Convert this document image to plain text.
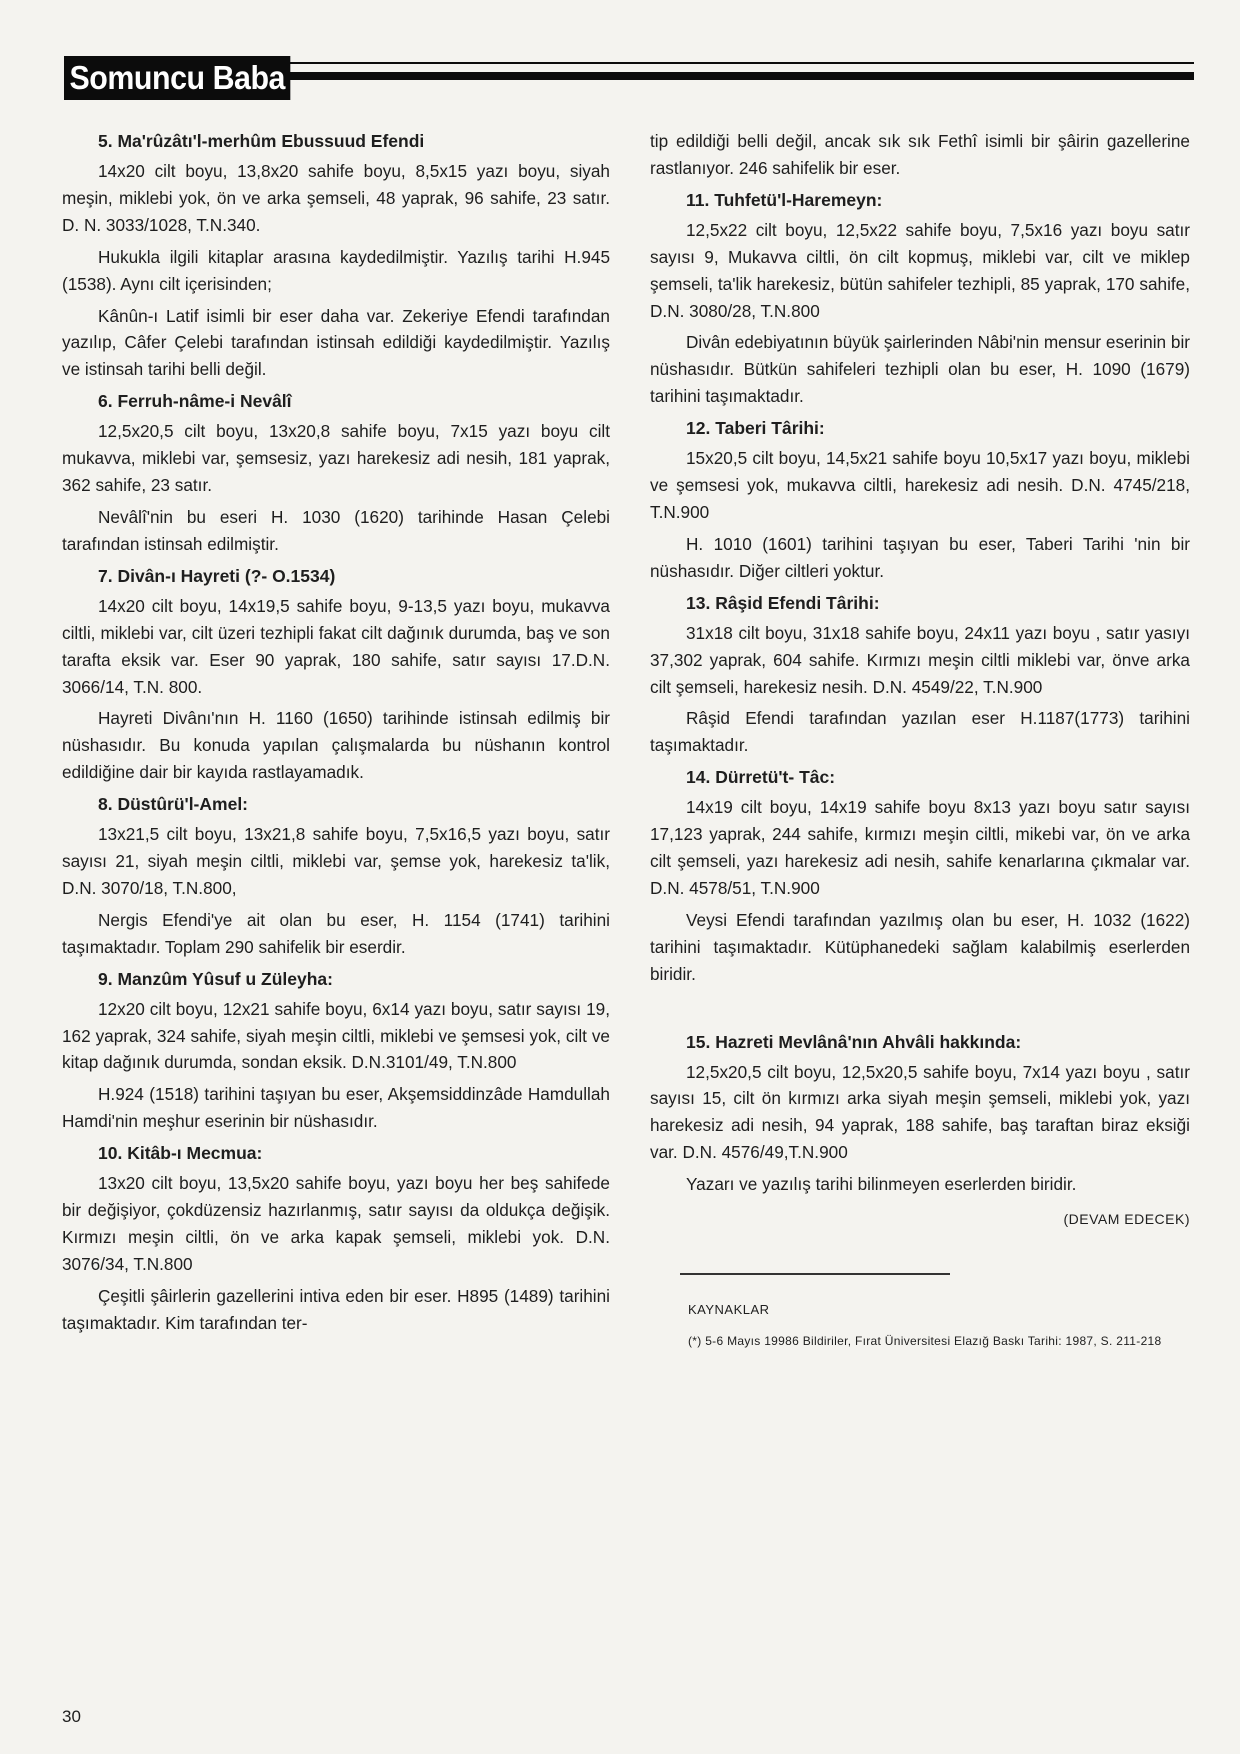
Somuncu Baba
5. Ma'rûzâtı'l-merhûm Ebussuud Efendi

14x20 cilt boyu, 13,8x20 sahife boyu, 8,5x15 yazı boyu, siyah meşin, miklebi yok, ön ve arka şemseli, 48 yaprak, 96 sahife, 23 satır. D. N. 3033/1028, T.N.340.

Hukukla ilgili kitaplar arasına kaydedilmiştir. Yazılış tarihi H.945 (1538). Aynı cilt içerisinden;

Kânûn-ı Latif isimli bir eser daha var. Zekeriye Efendi tarafından yazılıp, Câfer Çelebi tarafından istinsah edildiği kaydedilmiştir. Yazılış ve istinsah tarihi belli değil.

6. Ferruh-nâme-i Nevâlî

12,5x20,5 cilt boyu, 13x20,8 sahife boyu, 7x15 yazı boyu cilt mukavva, miklebi var, şemsesiz, yazı harekesiz adi nesih, 181 yaprak, 362 sahife, 23 satır.

Nevâlî'nin bu eseri H. 1030 (1620) tarihinde Hasan Çelebi tarafından istinsah edilmiştir.

7. Divân-ı Hayreti (?- O.1534)

14x20 cilt boyu, 14x19,5 sahife boyu, 9-13,5 yazı boyu, mukavva ciltli, miklebi var, cilt üzeri tezhipli fakat cilt dağınık durumda, baş ve son tarafta eksik var. Eser 90 yaprak, 180 sahife, satır sayısı 17.D.N. 3066/14, T.N. 800.

Hayreti Divânı'nın H. 1160 (1650) tarihinde istinsah edilmiş bir nüshasıdır. Bu konuda yapılan çalışmalarda bu nüshanın kontrol edildiğine dair bir kayıda rastlayamadık.

8. Düstûrü'l-Amel:

13x21,5 cilt boyu, 13x21,8 sahife boyu, 7,5x16,5 yazı boyu, satır sayısı 21, siyah meşin ciltli, miklebi var, şemse yok, harekesiz ta'lik, D.N. 3070/18, T.N.800,

Nergis Efendi'ye ait olan bu eser, H. 1154 (1741) tarihini taşımaktadır. Toplam 290 sahifelik bir eserdir.

9. Manzûm Yûsuf u Züleyha:

12x20 cilt boyu, 12x21 sahife boyu, 6x14 yazı boyu, satır sayısı 19, 162 yaprak, 324 sahife, siyah meşin ciltli, miklebi ve şemsesi yok, cilt ve kitap dağınık durumda, sondan eksik. D.N.3101/49, T.N.800

H.924 (1518) tarihini taşıyan bu eser, Akşemsiddinzâde Hamdullah Hamdi'nin meşhur eserinin bir nüshasıdır.

10. Kitâb-ı Mecmua:

13x20 cilt boyu, 13,5x20 sahife boyu, yazı boyu her beş sahifede bir değişiyor, çokdüzensiz hazırlanmış, satır sayısı da oldukça değişik. Kırmızı meşin ciltli, ön ve arka kapak şemseli, miklebi yok. D.N. 3076/34, T.N.800

Çeşitli şâirlerin gazellerini intiva eden bir eser. H895 (1489) tarihini taşımaktadır. Kim tarafından ter-

tip edildiği belli değil, ancak sık sık Fethî isimli bir şâirin gazellerine rastlanıyor. 246 sahifelik bir eser.

11. Tuhfetü'l-Haremeyn:

12,5x22 cilt boyu, 12,5x22 sahife boyu, 7,5x16 yazı boyu satır sayısı 9, Mukavva ciltli, ön cilt kopmuş, miklebi var, cilt ve miklep şemseli, ta'lik harekesiz, bütün sahifeler tezhipli, 85 yaprak, 170 sahife, D.N. 3080/28, T.N.800

Divân edebiyatının büyük şairlerinden Nâbi'nin mensur eserinin bir nüshasıdır. Bütkün sahifeleri tezhipli olan bu eser, H. 1090 (1679) tarihini taşımaktadır.

12. Taberi Târihi:

15x20,5 cilt boyu, 14,5x21 sahife boyu 10,5x17 yazı boyu, miklebi ve şemsesi yok, mukavva ciltli, harekesiz adi nesih. D.N. 4745/218, T.N.900

H. 1010 (1601) tarihini taşıyan bu eser, Taberi Tarihi 'nin bir nüshasıdır. Diğer ciltleri yoktur.

13. Râşid Efendi Târihi:

31x18 cilt boyu, 31x18 sahife boyu, 24x11 yazı boyu , satır yasıyı 37,302 yaprak, 604 sahife. Kırmızı meşin ciltli miklebi var, önve arka cilt şemseli, harekesiz nesih. D.N. 4549/22, T.N.900

Râşid Efendi tarafından yazılan eser H.1187(1773) tarihini taşımaktadır.

14. Dürretü't- Tâc:

14x19 cilt boyu, 14x19 sahife boyu 8x13 yazı boyu satır sayısı 17,123 yaprak, 244 sahife, kırmızı meşin ciltli, mikebi var, ön ve arka cilt şemseli, yazı harekesiz adi nesih, sahife kenarlarına çıkmalar var. D.N. 4578/51, T.N.900

Veysi Efendi tarafından yazılmış olan bu eser, H. 1032 (1622) tarihini taşımaktadır. Kütüphanedeki sağlam kalabilmiş eserlerden biridir.

15. Hazreti Mevlânâ'nın Ahvâli hakkında:

12,5x20,5 cilt boyu, 12,5x20,5 sahife boyu, 7x14 yazı boyu , satır sayısı 15, cilt ön kırmızı arka siyah meşin şemseli, miklebi yok, yazı harekesiz adi nesih, 94 yaprak, 188 sahife, baş taraftan biraz eksiği var. D.N. 4576/49,T.N.900

Yazarı ve yazılış tarihi bilinmeyen eserlerden biridir.

(DEVAM EDECEK)
KAYNAKLAR
(*) 5-6 Mayıs 19986 Bildiriler, Fırat Üniversitesi Elazığ Baskı Tarihi: 1987, S. 211-218
30
